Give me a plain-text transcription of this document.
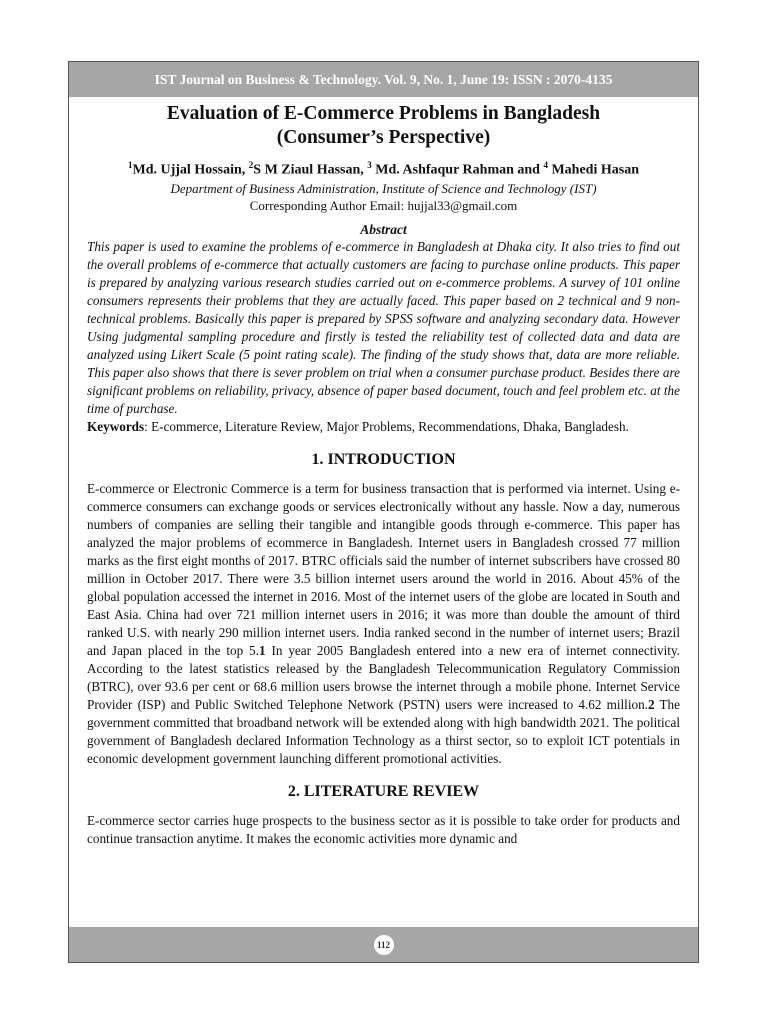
IST Journal on Business & Technology. Vol. 9, No. 1, June 19: ISSN : 2070-4135
Evaluation of E-Commerce Problems in Bangladesh
(Consumer’s Perspective)
$^1$Md. Ujjal Hossain, $^2$S M Ziaul Hassan, $^3$ Md. Ashfaqur Rahman and $^4$ Mahedi Hasan
Department of Business Administration, Institute of Science and Technology (IST)
Corresponding Author Email: hujjal33@gmail.com
Abstract
This paper is used to examine the problems of e-commerce in Bangladesh at Dhaka city. It also tries to find out the overall problems of e-commerce that actually customers are facing to purchase online products. This paper is prepared by analyzing various research studies carried out on e-commerce problems. A survey of 101 online consumers represents their problems that they are actually faced. This paper based on 2 technical and 9 non-technical problems. Basically this paper is prepared by SPSS software and analyzing secondary data. However Using judgmental sampling procedure and firstly is tested the reliability test of collected data and data are analyzed using Likert Scale (5 point rating scale). The finding of the study shows that, data are more reliable. This paper also shows that there is sever problem on trial when a consumer purchase product. Besides there are significant problems on reliability, privacy, absence of paper based document, touch and feel problem etc. at the time of purchase.
Keywords: E-commerce, Literature Review, Major Problems, Recommendations, Dhaka, Bangladesh.
1. INTRODUCTION
E-commerce or Electronic Commerce is a term for business transaction that is performed via internet. Using e-commerce consumers can exchange goods or services electronically without any hassle. Now a day, numerous numbers of companies are selling their tangible and intangible goods through e-commerce. This paper has analyzed the major problems of ecommerce in Bangladesh. Internet users in Bangladesh crossed 77 million marks as the first eight months of 2017. BTRC officials said the number of internet subscribers have crossed 80 million in October 2017. There were 3.5 billion internet users around the world in 2016. About 45% of the global population accessed the internet in 2016. Most of the internet users of the globe are located in South and East Asia. China had over 721 million internet users in 2016; it was more than double the amount of third ranked U.S. with nearly 290 million internet users. India ranked second in the number of internet users; Brazil and Japan placed in the top 5.1 In year 2005 Bangladesh entered into a new era of internet connectivity. According to the latest statistics released by the Bangladesh Telecommunication Regulatory Commission (BTRC), over 93.6 per cent or 68.6 million users browse the internet through a mobile phone. Internet Service Provider (ISP) and Public Switched Telephone Network (PSTN) users were increased to 4.62 million.2 The government committed that broadband network will be extended along with high bandwidth 2021. The political government of Bangladesh declared Information Technology as a thirst sector, so to exploit ICT potentials in economic development government launching different promotional activities.
2. LITERATURE REVIEW
E-commerce sector carries huge prospects to the business sector as it is possible to take order for products and continue transaction anytime. It makes the economic activities more dynamic and
112
